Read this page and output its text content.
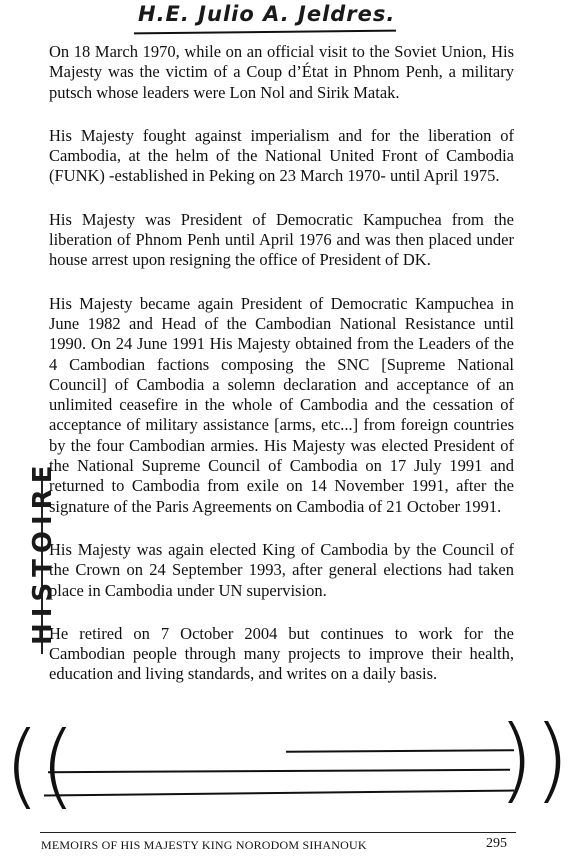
H.E. Julio A. Jeldres.
HISTOIRE

On 18 March 1970, while on an official visit to the Soviet Union, His Majesty was the victim of a Coup d’État in Phnom Penh, a military putsch whose leaders were Lon Nol and Sirik Matak.

His Majesty fought against imperialism and for the liberation of Cambodia, at the helm of the National United Front of Cambodia (FUNK) -established in Peking on 23 March 1970- until April 1975.

His Majesty was President of Democratic Kampuchea from the liberation of Phnom Penh until April 1976 and was then placed under house arrest upon resigning the office of President of DK.

His Majesty became again President of Democratic Kampuchea in June 1982 and Head of the Cambodian National Resistance until 1990. On 24 June 1991 His Majesty obtained from the Leaders of the 4 Cambodian factions composing the SNC [Supreme National Council] of Cambodia a solemn declaration and acceptance of an unlimited ceasefire in the whole of Cambodia and the cessation of acceptance of military assistance [arms, etc...] from foreign countries by the four Cambodian armies. His Majesty was elected President of the National Supreme Council of Cambodia on 17 July 1991 and returned to Cambodia from exile on 14 November 1991, after the signature of the Paris Agreements on Cambodia of 21 October 1991.

His Majesty was again elected King of Cambodia by the Council of the Crown on 24 September 1993, after general elections had taken place in Cambodia under UN supervision.

He retired on 7 October 2004 but continues to work for the Cambodian people through many projects to improve their health, education and living standards, and writes on a daily basis.

((	))
MEMOIRS OF HIS MAJESTY KING NORODOM SIHANOUK	295
